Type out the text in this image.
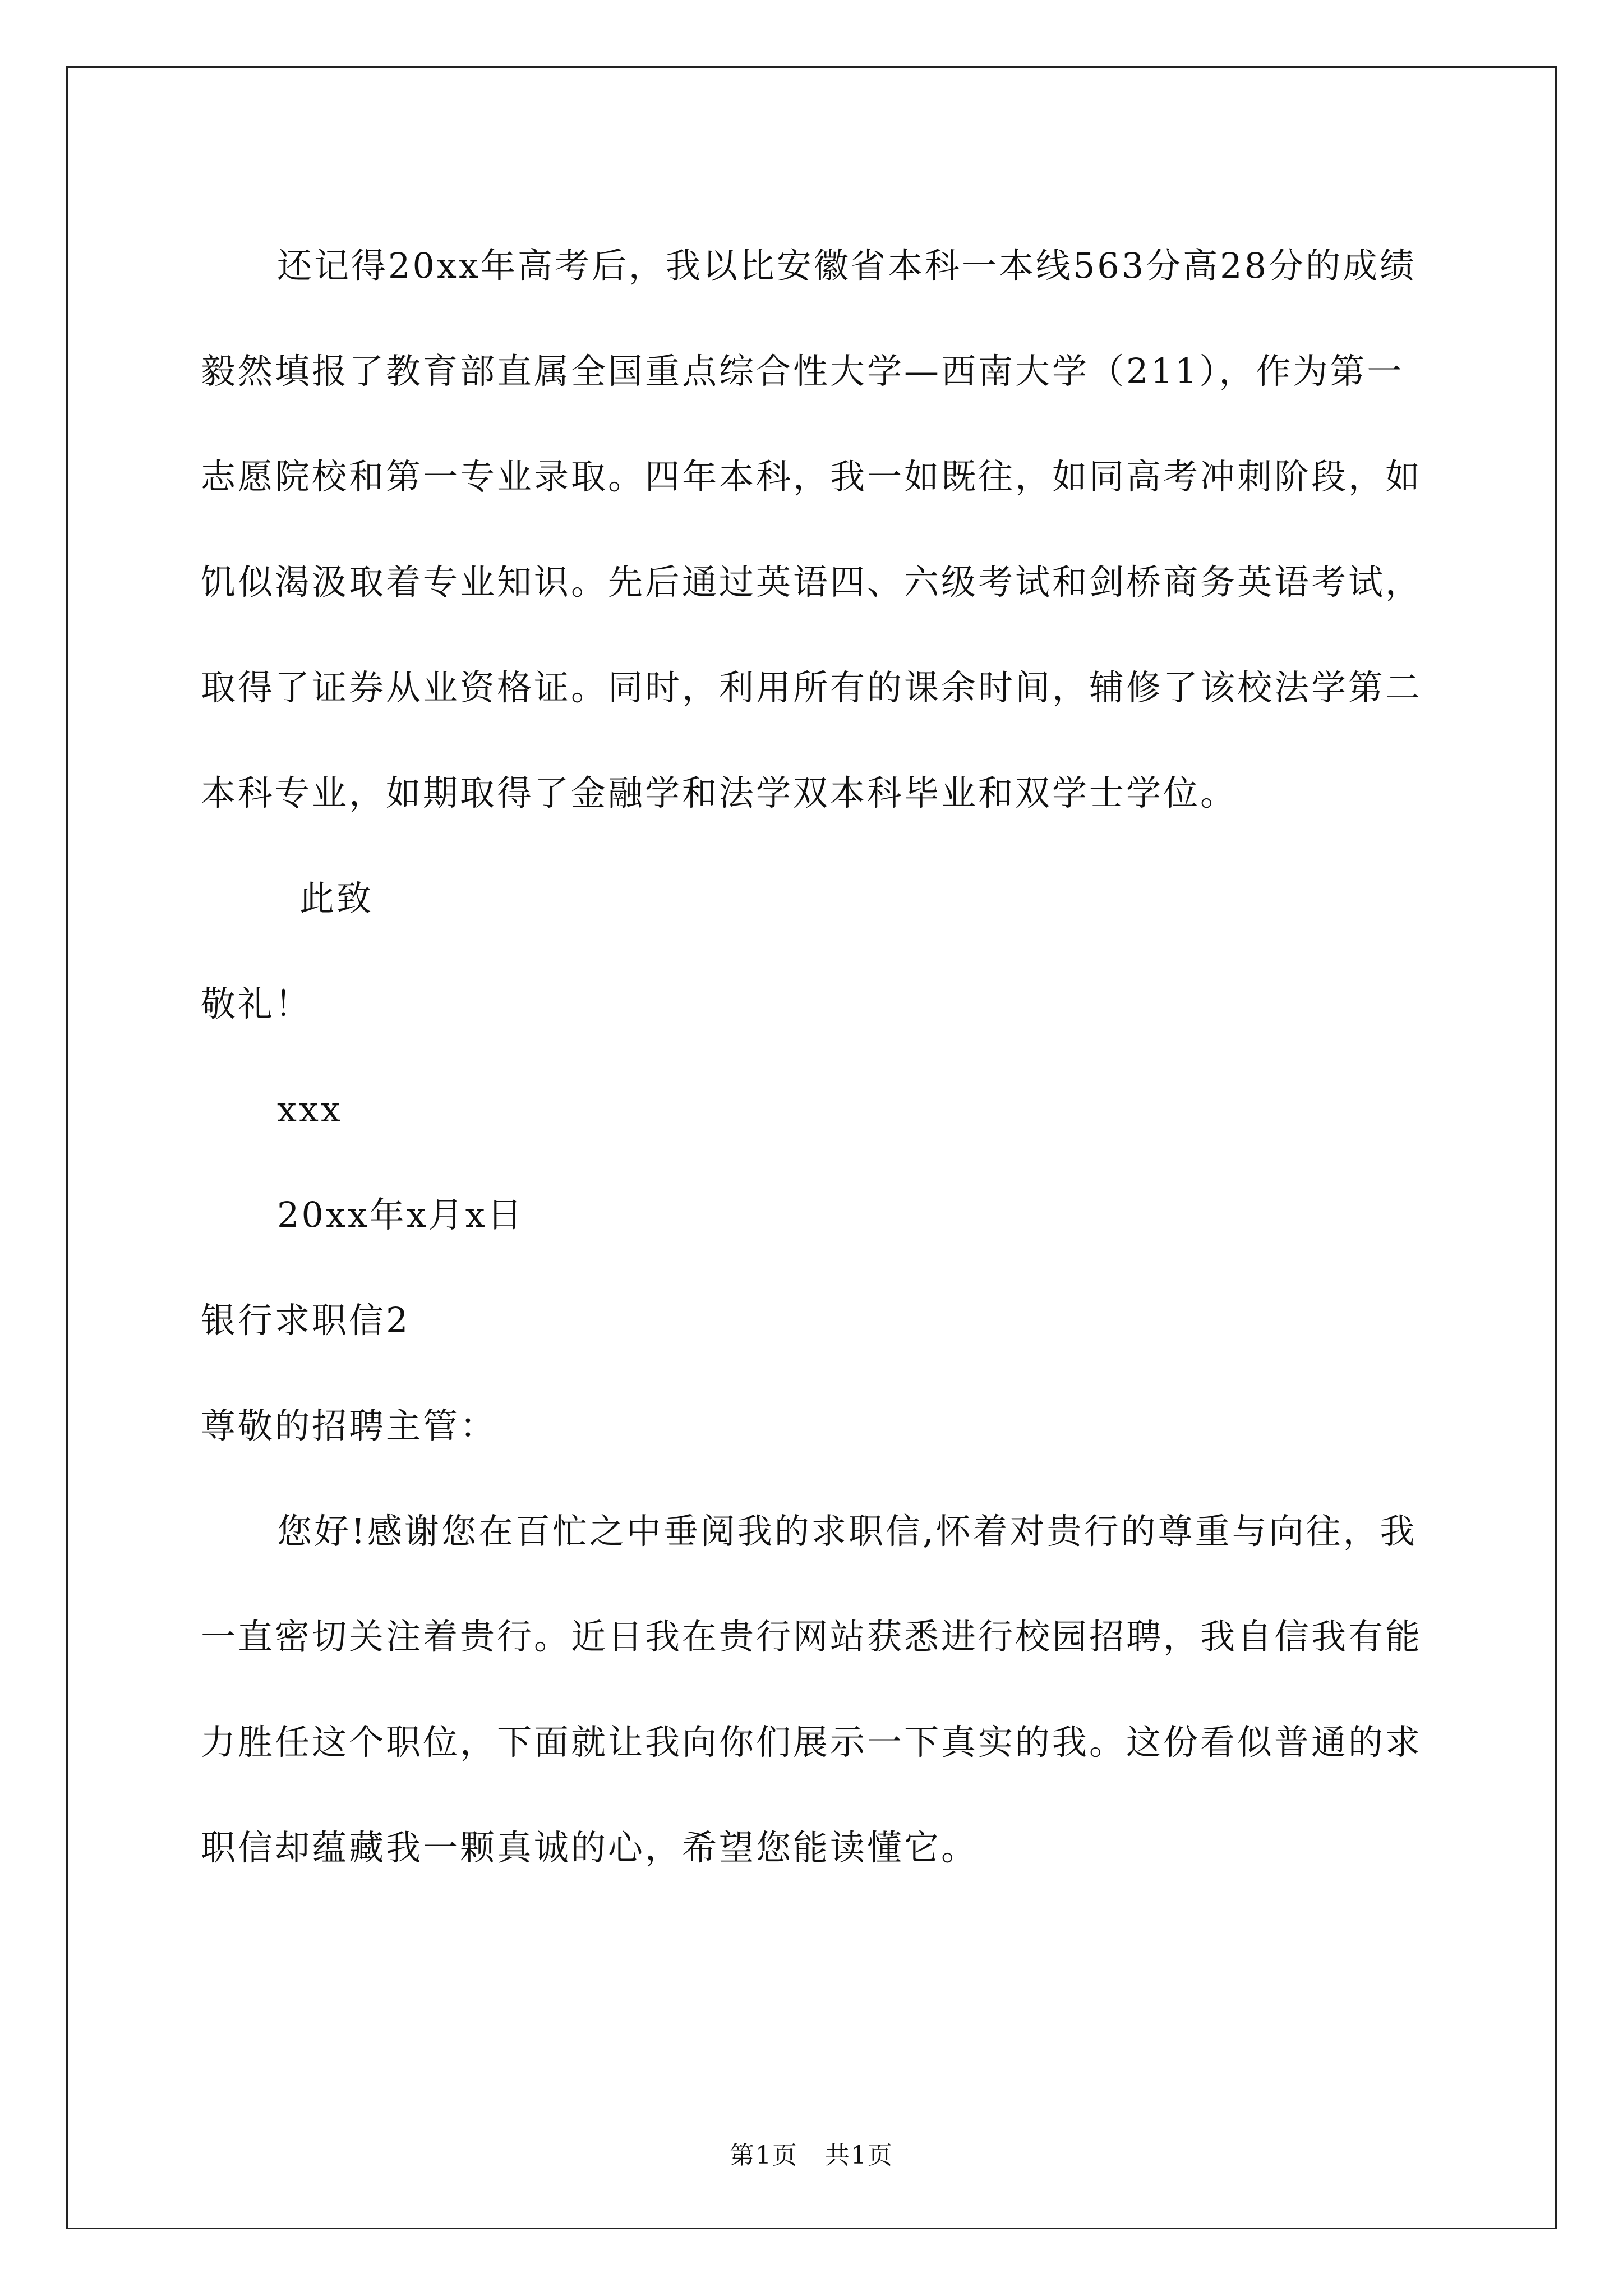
还记得20xx年高考后，我以比安徽省本科一本线563分高28分的成绩毅然填报了教育部直属全国重点综合性大学—西南大学（211），作为第一志愿院校和第一专业录取。四年本科，我一如既往，如同高考冲刺阶段，如饥似渴汲取着专业知识。先后通过英语四、六级考试和剑桥商务英语考试，取得了证券从业资格证。同时，利用所有的课余时间，辅修了该校法学第二本科专业，如期取得了金融学和法学双本科毕业和双学士学位。

此致

敬礼！

xxx

20xx年x月x日

银行求职信2

尊敬的招聘主管：

您好!感谢您在百忙之中垂阅我的求职信,怀着对贵行的尊重与向往，我一直密切关注着贵行。近日我在贵行网站获悉进行校园招聘，我自信我有能力胜任这个职位，下面就让我向你们展示一下真实的我。这份看似普通的求职信却蕴藏我一颗真诚的心，希望您能读懂它。

第1页 共1页
